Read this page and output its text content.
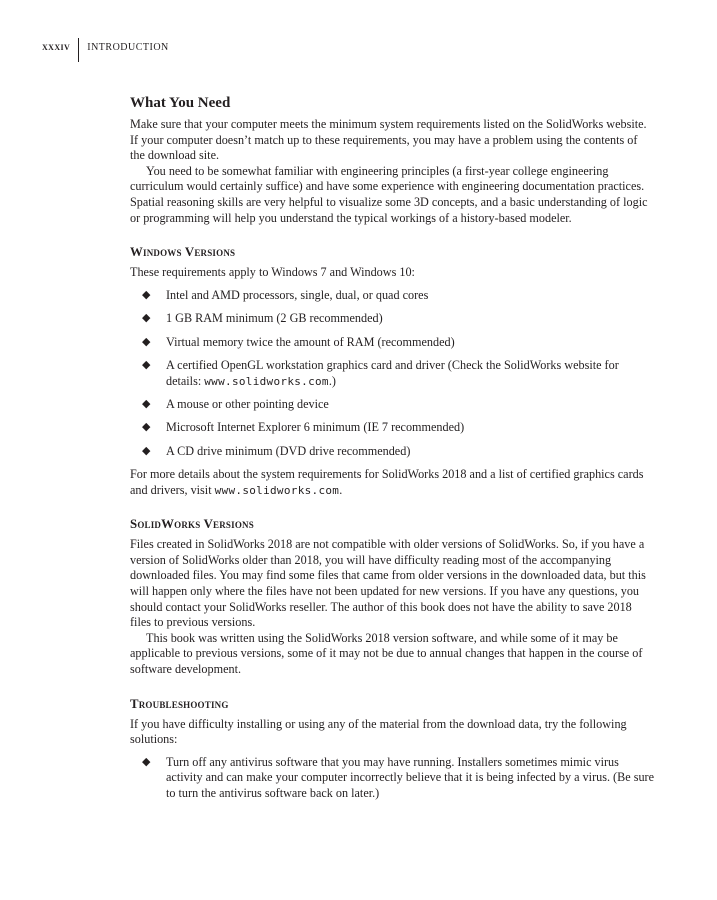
xxxiv	INTRODUCTION
What You Need

Make sure that your computer meets the minimum system requirements listed on the SolidWorks website. If your computer doesn’t match up to these requirements, you may have a problem using the contents of the download site.

You need to be somewhat familiar with engineering principles (a first-year college engineering curriculum would certainly suffice) and have some experience with engineering documentation practices. Spatial reasoning skills are very helpful to visualize some 3D concepts, and a basic understanding of logic or programming will help you understand the typical workings of a history-based modeler.

Windows Versions

These requirements apply to Windows 7 and Windows 10:

◆ Intel and AMD processors, single, dual, or quad cores
◆ 1 GB RAM minimum (2 GB recommended)
◆ Virtual memory twice the amount of RAM (recommended)
◆ A certified OpenGL workstation graphics card and driver (Check the SolidWorks website for details: www.solidworks.com.)
◆ A mouse or other pointing device
◆ Microsoft Internet Explorer 6 minimum (IE 7 recommended)
◆ A CD drive minimum (DVD drive recommended)

For more details about the system requirements for SolidWorks 2018 and a list of certified graphics cards and drivers, visit www.solidworks.com.

SolidWorks Versions

Files created in SolidWorks 2018 are not compatible with older versions of SolidWorks. So, if you have a version of SolidWorks older than 2018, you will have difficulty reading most of the accompanying downloaded files. You may find some files that came from older versions in the downloaded data, but this will happen only where the files have not been updated for new versions. If you have any questions, you should contact your SolidWorks reseller. The author of this book does not have the ability to save 2018 files to previous versions.

This book was written using the SolidWorks 2018 version software, and while some of it may be applicable to previous versions, some of it may not be due to annual changes that happen in the course of software development.

Troubleshooting

If you have difficulty installing or using any of the material from the download data, try the following solutions:

◆ Turn off any antivirus software that you may have running. Installers sometimes mimic virus activity and can make your computer incorrectly believe that it is being infected by a virus. (Be sure to turn the antivirus software back on later.)
